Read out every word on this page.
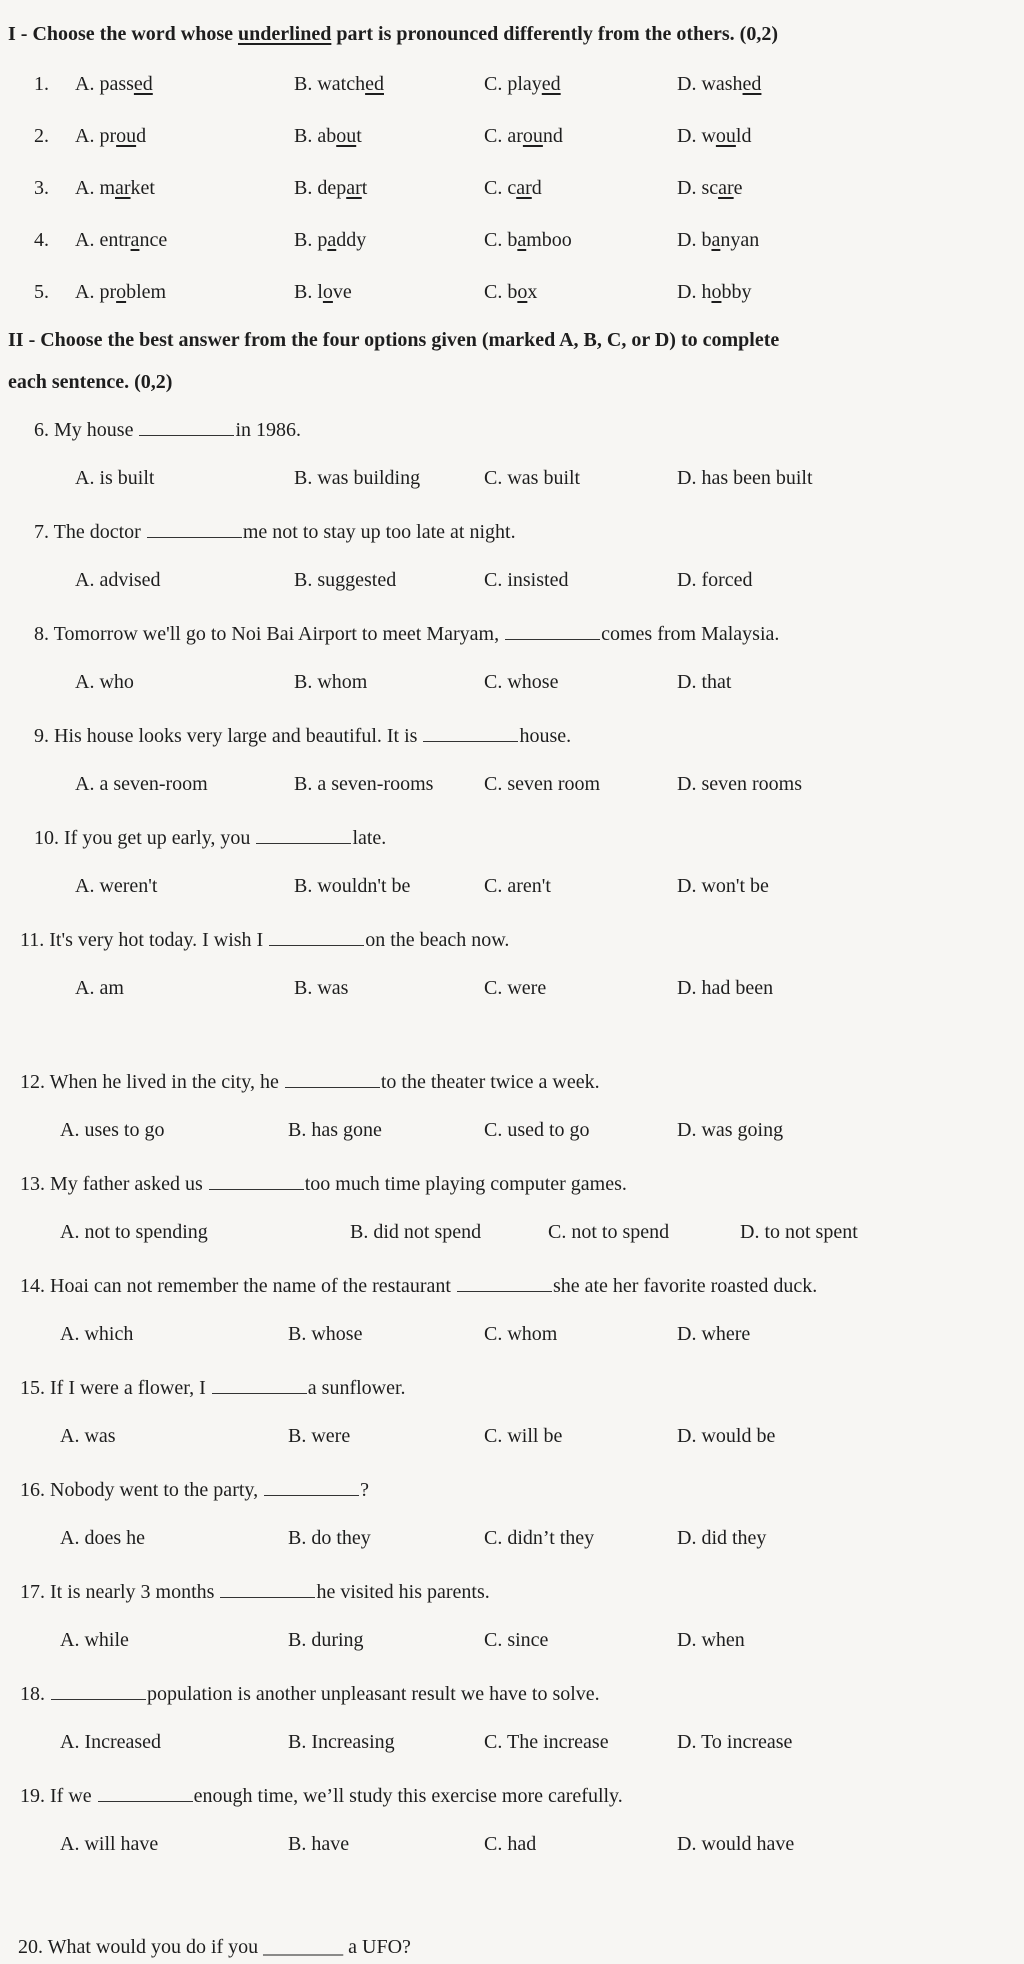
I - Choose the word whose underlined part is pronounced differently from the others. (0,2)
1. A. passed	B. watched	C. played	D. washed
2. A. proud	B. about	C. around	D. would
3. A. market	B. depart	C. card	D. scare
4. A. entrance	B. paddy	C. bamboo	D. banyan
5. A. problem	B. love	C. box	D. hobby
II - Choose the best answer from the four options given (marked A, B, C, or D) to complete
each sentence. (0,2)
6. My house	in 1986.
A. is built	B. was building	C. was built	D. has been built
7. The doctor	me not to stay up too late at night.
A. advised	B. suggested	C. insisted	D. forced
8. Tomorrow we'll go to Noi Bai Airport to meet Maryam,	comes from Malaysia.
A. who	B. whom	C. whose	D. that
9. His house looks very large and beautiful. It is	house.
A. a seven-room	B. a seven-rooms	C. seven room	D. seven rooms
10. If you get up early, you	late.
A. weren't	B. wouldn't be	C. aren't	D. won't be
11. It's very hot today. I wish I	on the beach now.
A. am	B. was	C. were	D. had been
12. When he lived in the city, he	to the theater twice a week.
A. uses to go	B. has gone	C. used to go	D. was going
13. My father asked us	too much time playing computer games.
A. not to spending	B. did not spend	C. not to spend	D. to not spent
14. Hoai can not remember the name of the restaurant	she ate her favorite roasted duck.
A. which	B. whose	C. whom	D. where
15. If I were a flower, I	a sunflower.
A. was	B. were	C. will be	D. would be
16. Nobody went to the party,	?
A. does he	B. do they	C. didn’t they	D. did they
17. It is nearly 3 months	he visited his parents.
A. while	B. during	C. since	D. when
18.	population is another unpleasant result we have to solve.
A. Increased	B. Increasing	C. The increase	D. To increase
19. If we	enough time, we’ll study this exercise more carefully.
A. will have	B. have	C. had	D. would have
20. What would you do if you ________ a UFO?
